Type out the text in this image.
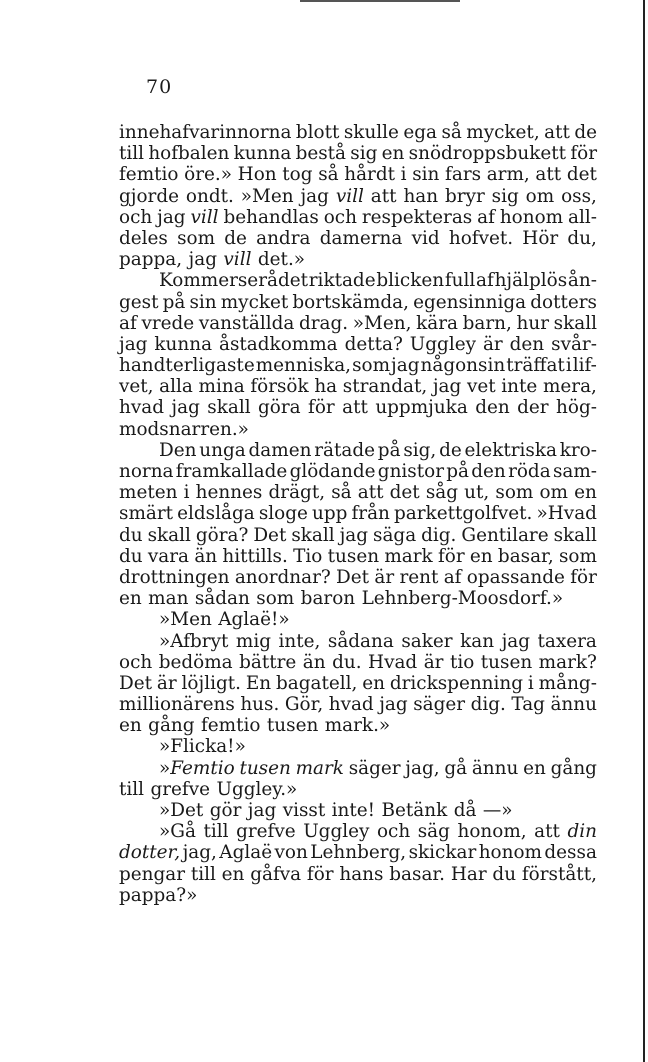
70
innehafvarinnorna blott skulle ega så mycket, att de
till hofbalen kunna bestå sig en snödroppsbukett för
femtio öre.» Hon tog så hårdt i sin fars arm, att det
gjorde ondt. »Men jag vill att han bryr sig om oss,
och jag vill behandlas och respekteras af honom all-
deles som de andra damerna vid hofvet. Hör du,
pappa, jag vill det.»
Kommerserådet riktade blicken full af hjälplös ån-
gest på sin mycket bortskämda, egensinniga dotters
af vrede vanställda drag. »Men, kära barn, hur skall
jag kunna åstadkomma detta? Uggley är den svår-
handterligaste menniska, som jag någonsin träffat i lif-
vet, alla mina försök ha strandat, jag vet inte mera,
hvad jag skall göra för att uppmjuka den der hög-
modsnarren.»
Den unga damen rätade på sig, de elektriska kro-
norna framkallade glödande gnistor på den röda sam-
meten i hennes drägt, så att det såg ut, som om en
smärt eldslåga sloge upp från parkettgolfvet. »Hvad
du skall göra? Det skall jag säga dig. Gentilare skall
du vara än hittills. Tio tusen mark för en basar, som
drottningen anordnar? Det är rent af opassande för
en man sådan som baron Lehnberg-Moosdorf.»
»Men Aglaë!»
»Afbryt mig inte, sådana saker kan jag taxera
och bedöma bättre än du. Hvad är tio tusen mark?
Det är löjligt. En bagatell, en drickspenning i mång-
millionärens hus. Gör, hvad jag säger dig. Tag ännu
en gång femtio tusen mark.»
»Flicka!»
»Femtio tusen mark säger jag, gå ännu en gång
till grefve Uggley.»
»Det gör jag visst inte! Betänk då —»
»Gå till grefve Uggley och säg honom, att din
dotter, jag, Aglaë von Lehnberg, skickar honom dessa
pengar till en gåfva för hans basar. Har du förstått,
pappa?»
